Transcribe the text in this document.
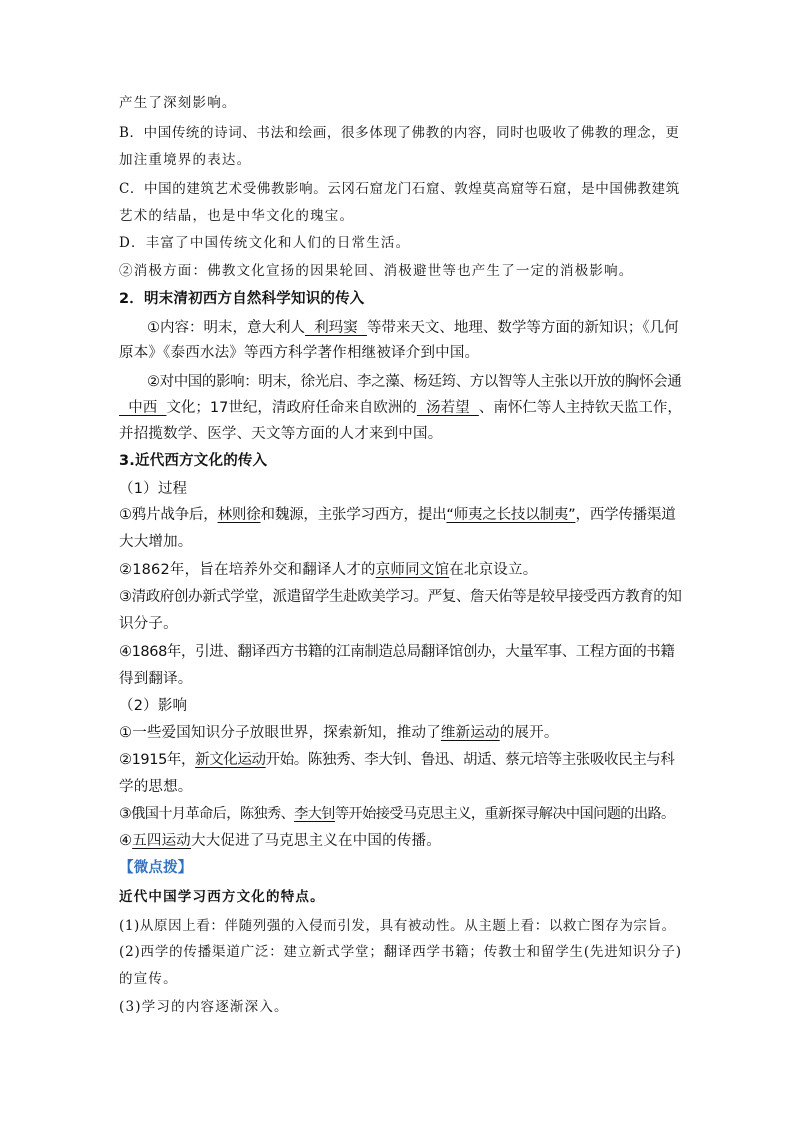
产生了深刻影响。
B．中国传统的诗词、书法和绘画，很多体现了佛教的内容，同时也吸收了佛教的理念，更
加注重境界的表达。
C．中国的建筑艺术受佛教影响。云冈石窟龙门石窟、敦煌莫高窟等石窟，是中国佛教建筑
艺术的结晶，也是中华文化的瑰宝。
D．丰富了中国传统文化和人们的日常生活。
②消极方面：佛教文化宣扬的因果轮回、消极避世等也产生了一定的消极影响。
2．明末清初西方自然科学知识的传入
①内容：明末，意大利人  利玛窦  等带来天文、地理、数学等方面的新知识；《几何
原本》《泰西水法》等西方科学著作相继被译介到中国。
②对中国的影响：明末，徐光启、李之藻、杨廷筠、方以智等人主张以开放的胸怀会通
中西  文化；17世纪，清政府任命来自欧洲的  汤若望  、南怀仁等人主持钦天监工作，
并招揽数学、医学、天文等方面的人才来到中国。
3.近代西方文化的传入
（1）过程
①鸦片战争后，林则徐和魏源，主张学习西方，提出“师夷之长技以制夷”，西学传播渠道
大大增加。
②1862年，旨在培养外交和翻译人才的京师同文馆在北京设立。
③清政府创办新式学堂，派遣留学生赴欧美学习。严复、詹天佑等是较早接受西方教育的知
识分子。
④1868年，引进、翻译西方书籍的江南制造总局翻译馆创办，大量军事、工程方面的书籍
得到翻译。
（2）影响
①一些爱国知识分子放眼世界，探索新知，推动了维新运动的展开。
②1915年，新文化运动开始。陈独秀、李大钊、鲁迅、胡适、蔡元培等主张吸收民主与科
学的思想。
③俄国十月革命后，陈独秀、李大钊等开始接受马克思主义，重新探寻解决中国问题的出路。
④五四运动大大促进了马克思主义在中国的传播。
【微点拨】
近代中国学习西方文化的特点。
(1)从原因上看：伴随列强的入侵而引发，具有被动性。从主题上看：以救亡图存为宗旨。
(2)西学的传播渠道广泛：建立新式学堂；翻译西学书籍；传教士和留学生(先进知识分子)
的宣传。
(3)学习的内容逐渐深入。
